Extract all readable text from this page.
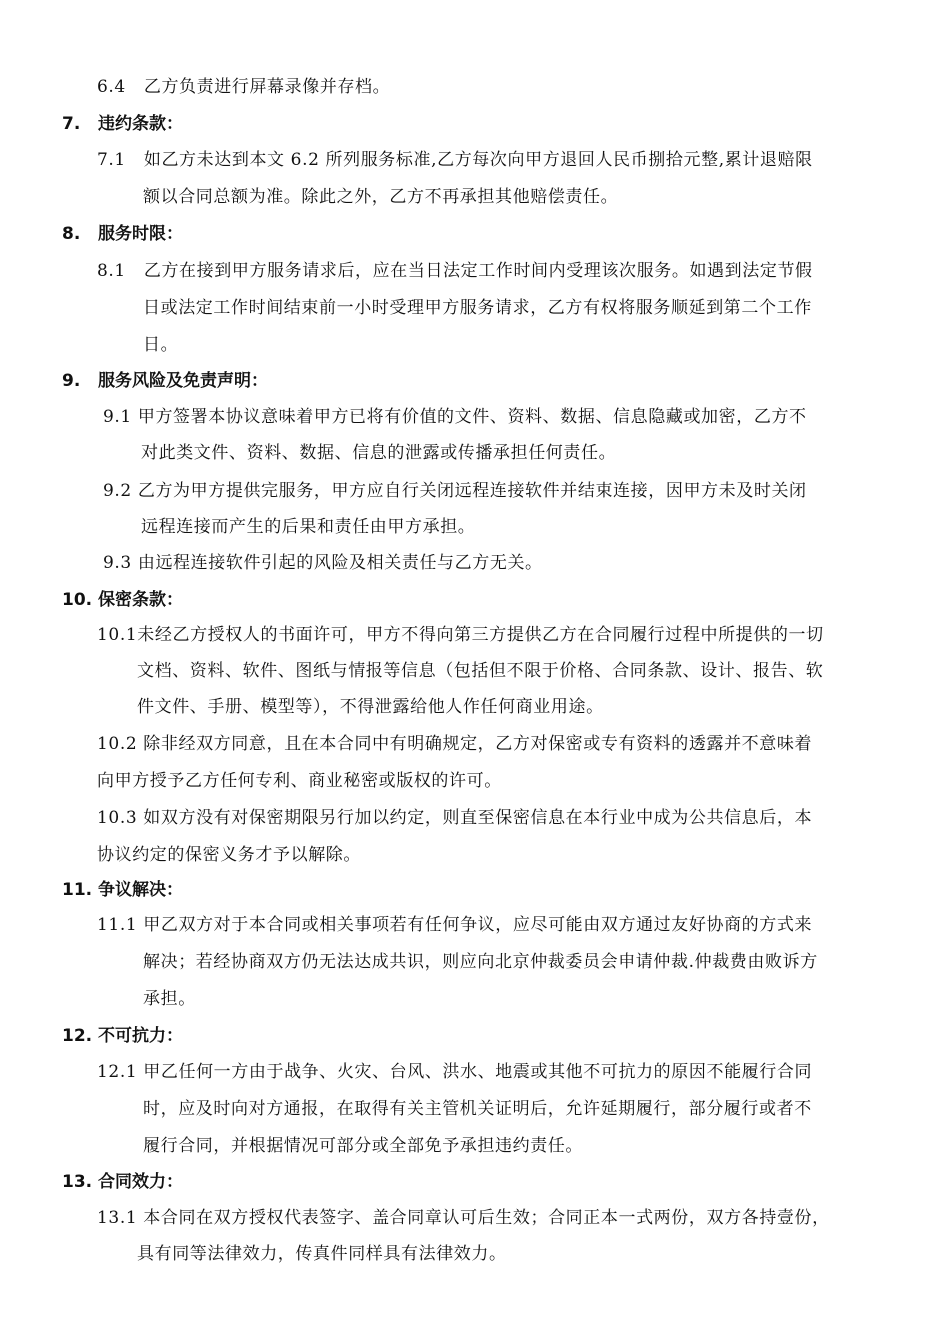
6.4 乙方负责进行屏幕录像并存档。
7. 违约条款：
7.1 如乙方未达到本文 6.2 所列服务标准,乙方每次向甲方退回人民币捌拾元整,累计退赔限
额以合同总额为准。除此之外，乙方不再承担其他赔偿责任。
8. 服务时限：
8.1 乙方在接到甲方服务请求后，应在当日法定工作时间内受理该次服务。如遇到法定节假
日或法定工作时间结束前一小时受理甲方服务请求，乙方有权将服务顺延到第二个工作
日。
9. 服务风险及免责声明：
9.1 甲方签署本协议意味着甲方已将有价值的文件、资料、数据、信息隐藏或加密，乙方不
对此类文件、资料、数据、信息的泄露或传播承担任何责任。
9.2 乙方为甲方提供完服务，甲方应自行关闭远程连接软件并结束连接，因甲方未及时关闭
远程连接而产生的后果和责任由甲方承担。
9.3 由远程连接软件引起的风险及相关责任与乙方无关。
10. 保密条款：
10.1未经乙方授权人的书面许可，甲方不得向第三方提供乙方在合同履行过程中所提供的一切
文档、资料、软件、图纸与情报等信息（包括但不限于价格、合同条款、设计、报告、软
件文件、手册、模型等），不得泄露给他人作任何商业用途。
10.2 除非经双方同意，且在本合同中有明确规定，乙方对保密或专有资料的透露并不意味着
向甲方授予乙方任何专利、商业秘密或版权的许可。
10.3 如双方没有对保密期限另行加以约定，则直至保密信息在本行业中成为公共信息后，本
协议约定的保密义务才予以解除。
11. 争议解决：
11.1 甲乙双方对于本合同或相关事项若有任何争议，应尽可能由双方通过友好协商的方式来
解决；若经协商双方仍无法达成共识，则应向北京仲裁委员会申请仲裁.仲裁费由败诉方
承担。
12. 不可抗力：
12.1 甲乙任何一方由于战争、火灾、台风、洪水、地震或其他不可抗力的原因不能履行合同
时，应及时向对方通报，在取得有关主管机关证明后，允许延期履行，部分履行或者不
履行合同，并根据情况可部分或全部免予承担违约责任。
13. 合同效力：
13.1 本合同在双方授权代表签字、盖合同章认可后生效；合同正本一式两份，双方各持壹份，
具有同等法律效力，传真件同样具有法律效力。
